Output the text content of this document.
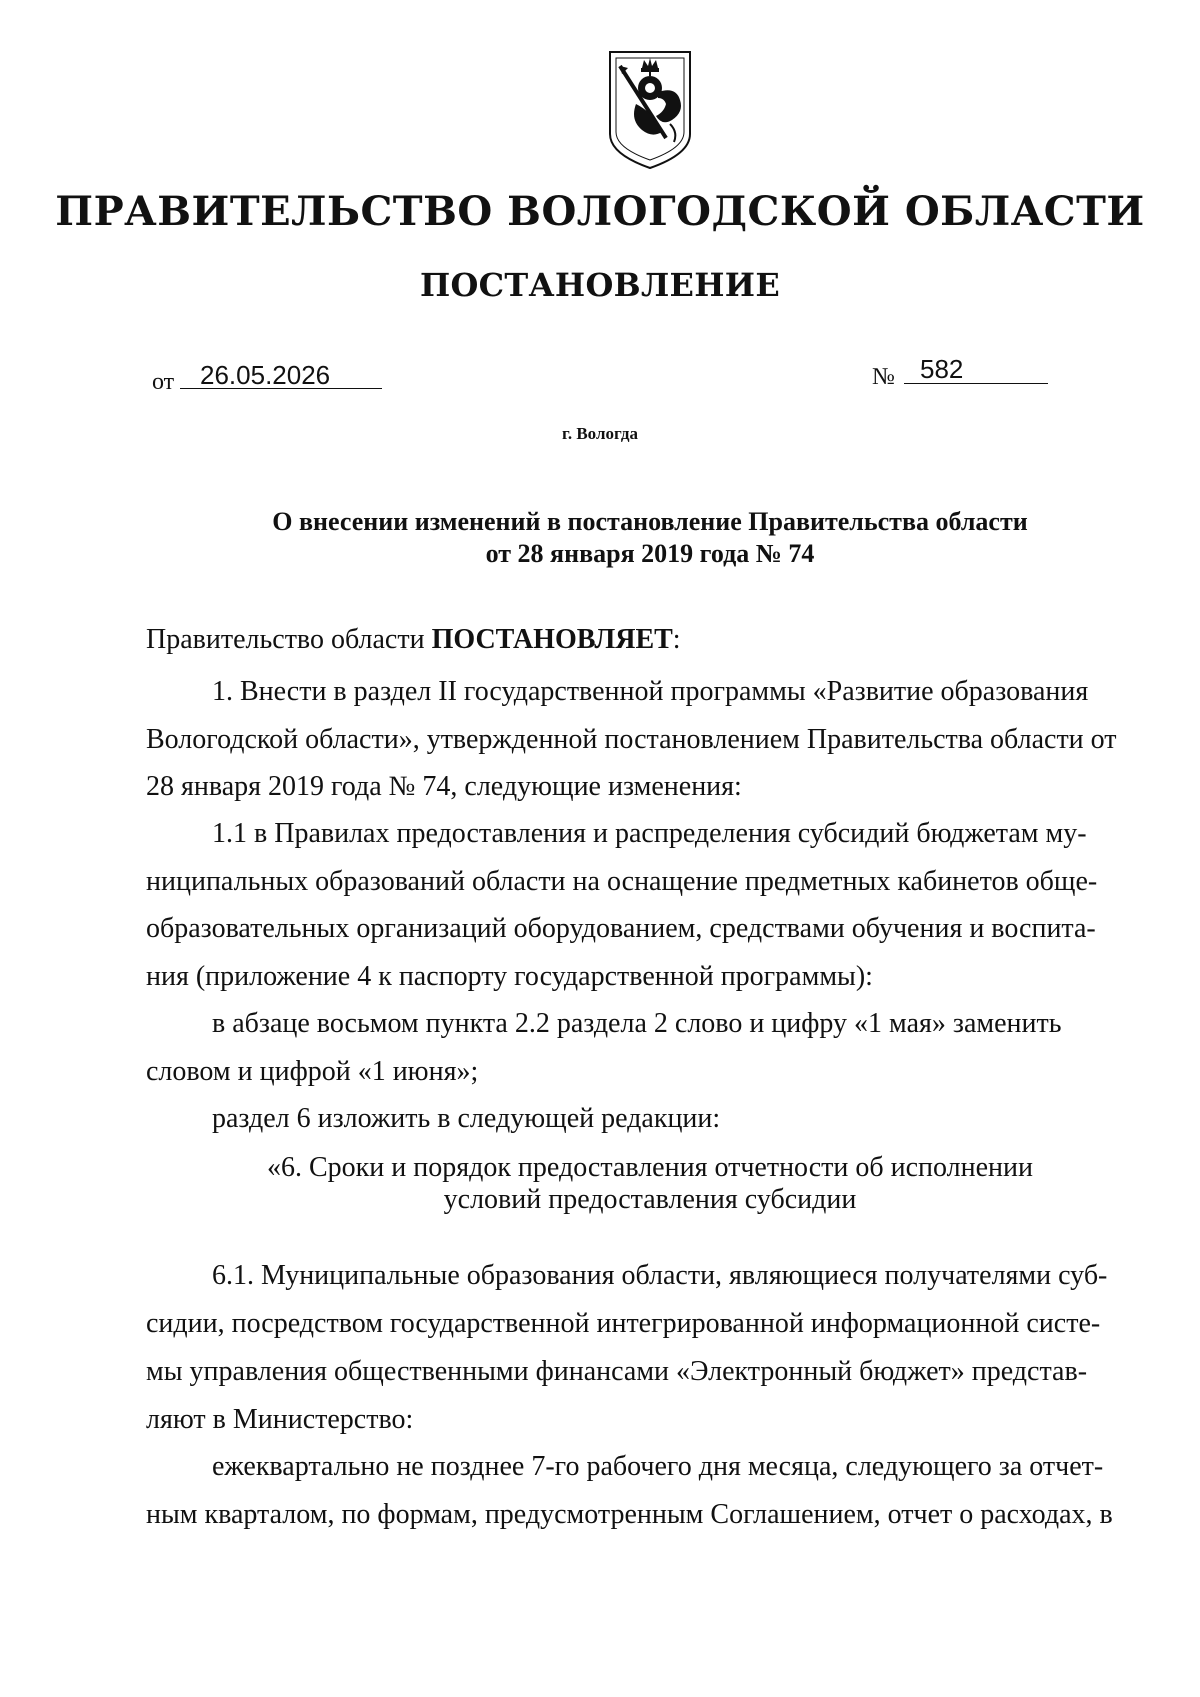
ПРАВИТЕЛЬСТВО ВОЛОГОДСКОЙ ОБЛАСТИ
ПОСТАНОВЛЕНИЕ
от 26.05.2026	№ 582
г. Вологда
О внесении изменений в постановление Правительства области
от 28 января 2019 года № 74
Правительство области ПОСТАНОВЛЯЕТ:
1. Внести в раздел II государственной программы «Развитие образования
Вологодской области», утвержденной постановлением Правительства области от
28 января 2019 года № 74, следующие изменения:
1.1 в Правилах предоставления и распределения субсидий бюджетам му-
ниципальных образований области на оснащение предметных кабинетов обще-
образовательных организаций оборудованием, средствами обучения и воспита-
ния (приложение 4 к паспорту государственной программы):
в абзаце восьмом пункта 2.2 раздела 2 слово и цифру «1 мая» заменить
словом и цифрой «1 июня»;
раздел 6 изложить в следующей редакции:
«6. Сроки и порядок предоставления отчетности об исполнении
условий предоставления субсидии
6.1. Муниципальные образования области, являющиеся получателями суб-
сидии, посредством государственной интегрированной информационной систе-
мы управления общественными финансами «Электронный бюджет» представ-
ляют в Министерство:
ежеквартально не позднее 7-го рабочего дня месяца, следующего за отчет-
ным кварталом, по формам, предусмотренным Соглашением, отчет о расходах, в
